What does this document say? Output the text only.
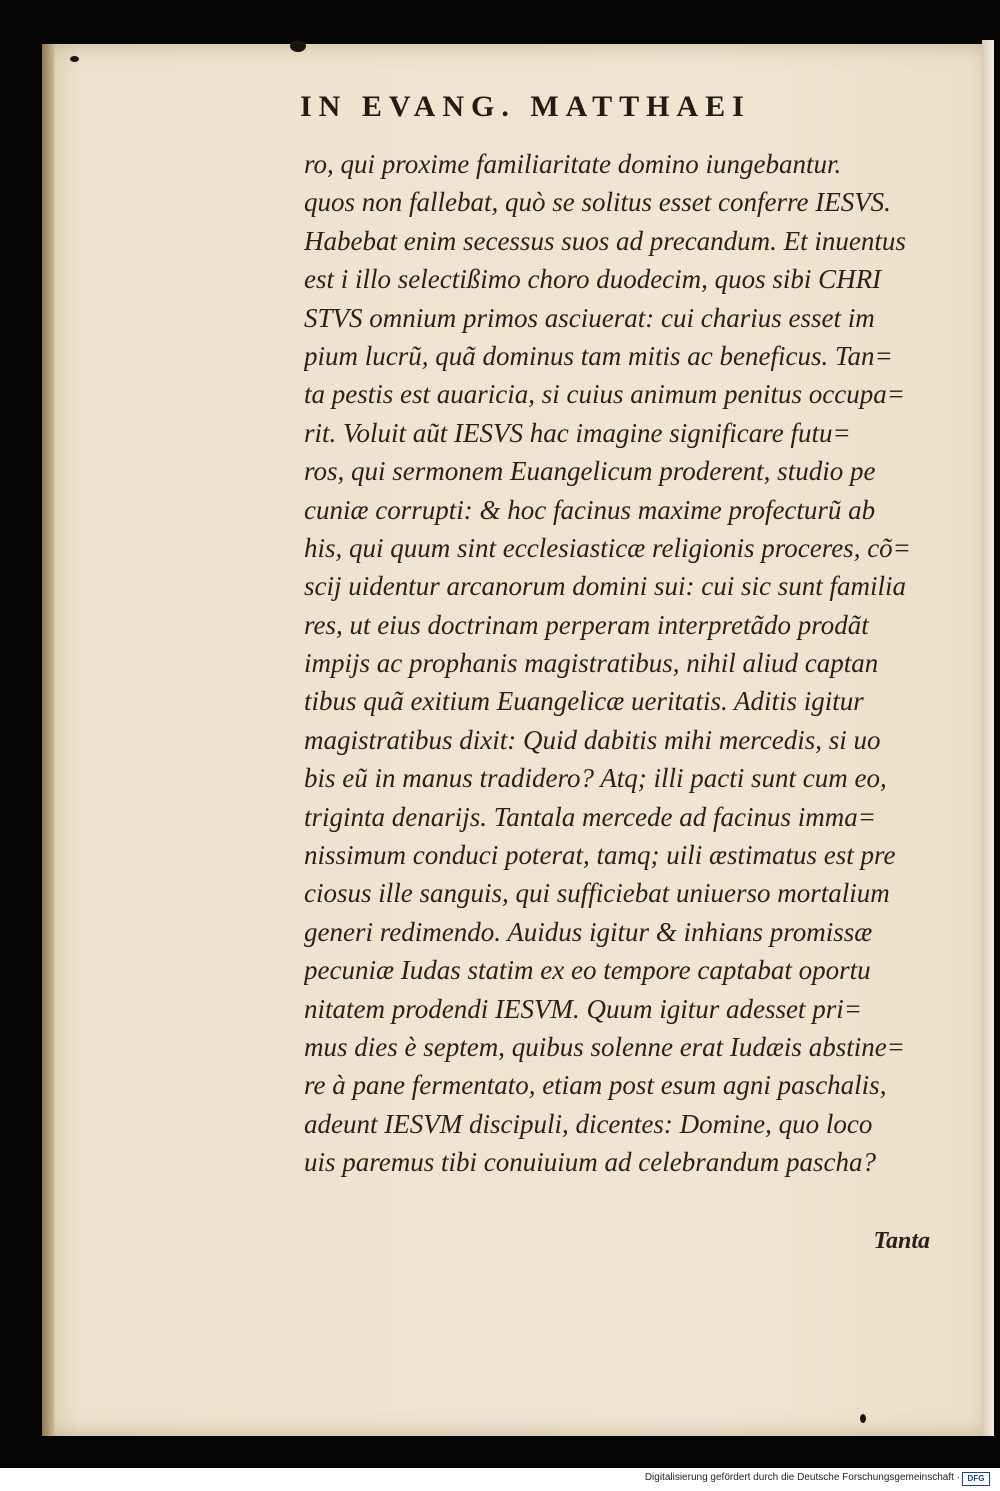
IN EVANG. MATTHAEI
ro, qui proxime familiaritate domino iungebantur.
quos non fallebat, quò se solitus esset conferre IESVS.
Habebat enim secessus suos ad precandum. Et inuentus
est i illo selectißimo choro duodecim, quos sibi CHRI
STVS omnium primos asciuerat: cui charius esset im
pium lucrũ, quã dominus tam mitis ac beneficus. Tan=
ta pestis est auaricia, si cuius animum penitus occupa=
rit. Voluit aũt IESVS hac imagine significare futu=
ros, qui sermonem Euangelicum proderent, studio pe
cuniæ corrupti: & hoc facinus maxime profecturũ ab
his, qui quum sint ecclesiasticæ religionis proceres, cõ=
scij uidentur arcanorum domini sui: cui sic sunt familia
res, ut eius doctrinam perperam interpretãdo prodãt
impijs ac prophanis magistratibus, nihil aliud captan
tibus quã exitium Euangelicæ ueritatis. Aditis igitur
magistratibus dixit: Quid dabitis mihi mercedis, si uo
bis eũ in manus tradidero? Atq; illi pacti sunt cum eo,
triginta denarijs. Tantala mercede ad facinus imma=
nissimum conduci poterat, tamq; uili æstimatus est pre
ciosus ille sanguis, qui sufficiebat uniuerso mortalium
generi redimendo. Auidus igitur & inhians promissæ
pecuniæ Iudas statim ex eo tempore captabat oportu
nitatem prodendi IESVM. Quum igitur adesset pri=
mus dies è septem, quibus solenne erat Iudæis abstine=
re à pane fermentato, etiam post esum agni paschalis,
adeunt IESVM discipuli, dicentes: Domine, quo loco
uis paremus tibi conuiuium ad celebrandum pascha?
Tanta
Digitalisierung gefördert durch die Deutsche Forschungsgemeinschaft · DFG
